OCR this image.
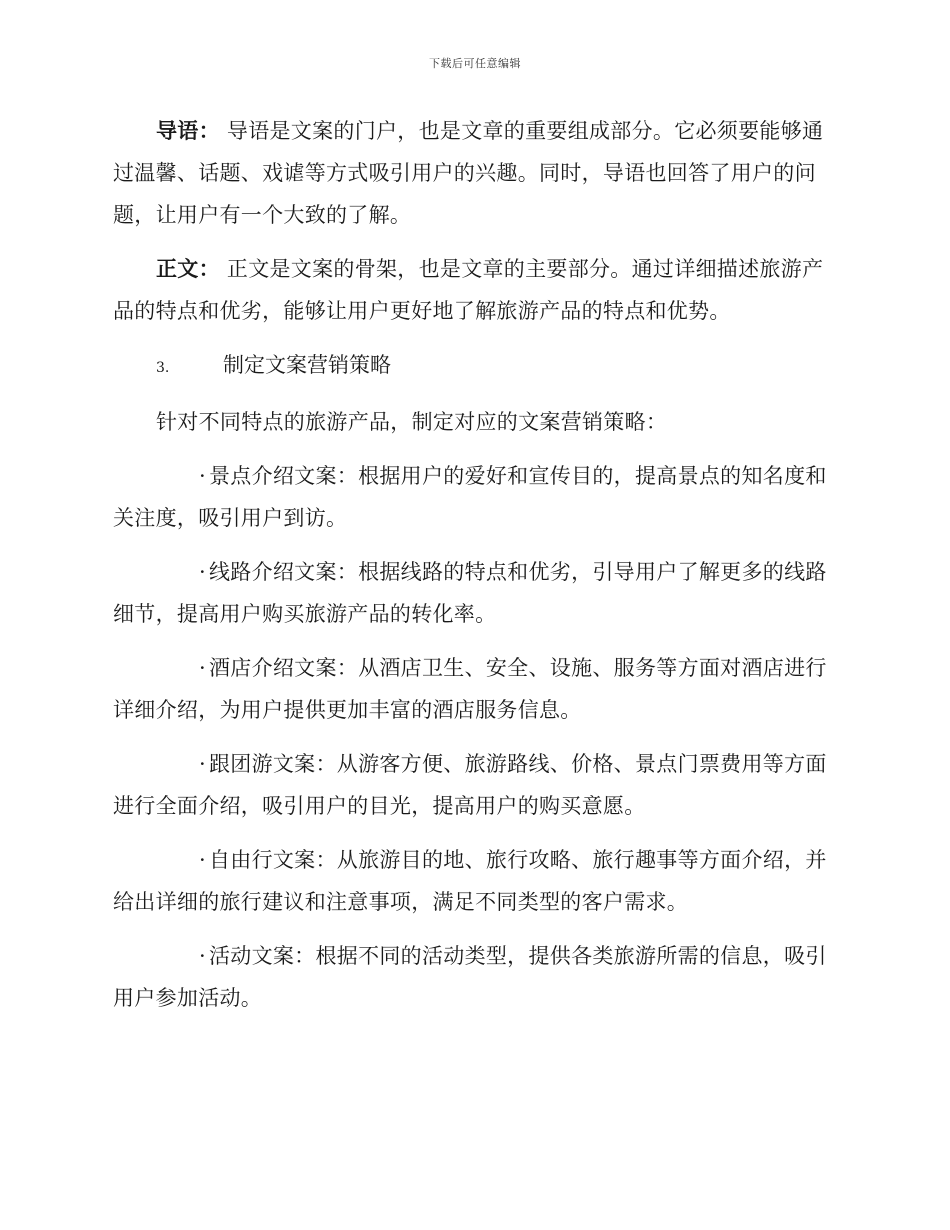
下载后可任意编辑

导语： 导语是文案的门户，也是文章的重要组成部分。它必须要能够通过温馨、话题、戏谑等方式吸引用户的兴趣。同时，导语也回答了用户的问题，让用户有一个大致的了解。

正文： 正文是文案的骨架，也是文章的主要部分。通过详细描述旅游产品的特点和优劣，能够让用户更好地了解旅游产品的特点和优势。

3.	制定文案营销策略

针对不同特点的旅游产品，制定对应的文案营销策略：

· 景点介绍文案：根据用户的爱好和宣传目的，提高景点的知名度和关注度，吸引用户到访。

· 线路介绍文案：根据线路的特点和优劣，引导用户了解更多的线路细节，提高用户购买旅游产品的转化率。

· 酒店介绍文案：从酒店卫生、安全、设施、服务等方面对酒店进行详细介绍，为用户提供更加丰富的酒店服务信息。

· 跟团游文案：从游客方便、旅游路线、价格、景点门票费用等方面进行全面介绍，吸引用户的目光，提高用户的购买意愿。

· 自由行文案：从旅游目的地、旅行攻略、旅行趣事等方面介绍，并给出详细的旅行建议和注意事项，满足不同类型的客户需求。

· 活动文案：根据不同的活动类型，提供各类旅游所需的信息，吸引用户参加活动。
